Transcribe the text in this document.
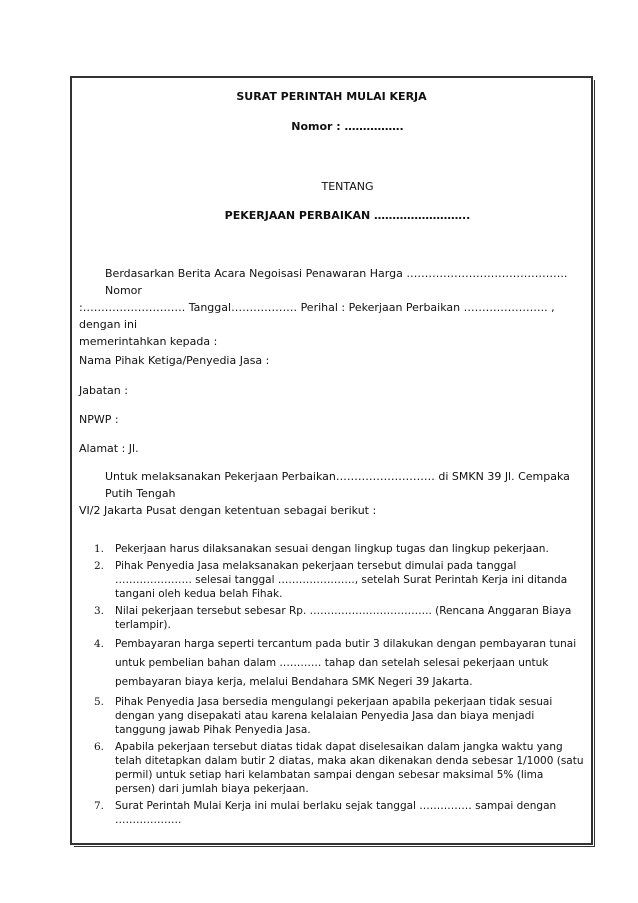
SURAT PERINTAH MULAI KERJA
Nomor : …………….
TENTANG
PEKERJAAN PERBAIKAN ……………………..
Berdasarkan Berita Acara Negoisasi Penawaran Harga …………………………………….. Nomor
:………………………. Tanggal……………… Perihal : Pekerjaan Perbaikan ………………….. , dengan ini
memerintahkan kepada :
Nama Pihak Ketiga/Penyedia Jasa :
Jabatan :
NPWP :
Alamat : Jl.
Untuk melaksanakan Pekerjaan Perbaikan……………………… di SMKN 39 Jl. Cempaka Putih Tengah
VI/2 Jakarta Pusat dengan ketentuan sebagai berikut :
1. Pekerjaan harus dilaksanakan sesuai dengan lingkup tugas dan lingkup pekerjaan.
2. Pihak Penyedia Jasa melaksanakan pekerjaan tersebut dimulai pada tanggal …………………. selesai tanggal …………………., setelah Surat Perintah Kerja ini ditanda tangani oleh kedua belah Fihak.
3. Nilai pekerjaan tersebut sebesar Rp. …………………………….. (Rencana Anggaran Biaya terlampir).
4. Pembayaran harga seperti tercantum pada butir 3 dilakukan dengan pembayaran tunai untuk pembelian bahan dalam ………… tahap dan setelah selesai pekerjaan untuk pembayaran biaya kerja, melalui Bendahara SMK Negeri 39 Jakarta.
5. Pihak Penyedia Jasa bersedia mengulangi pekerjaan apabila pekerjaan tidak sesuai dengan yang disepakati atau karena kelalaian Penyedia Jasa dan biaya menjadi tanggung jawab Pihak Penyedia Jasa.
6. Apabila pekerjaan tersebut diatas tidak dapat diselesaikan dalam jangka waktu yang telah ditetapkan dalam butir 2 diatas, maka akan dikenakan denda sebesar 1/1000 (satu permil) untuk setiap hari kelambatan sampai dengan sebesar maksimal 5% (lima persen) dari jumlah biaya pekerjaan.
7. Surat Perintah Mulai Kerja ini mulai berlaku sejak tanggal …………… sampai dengan ……………….
